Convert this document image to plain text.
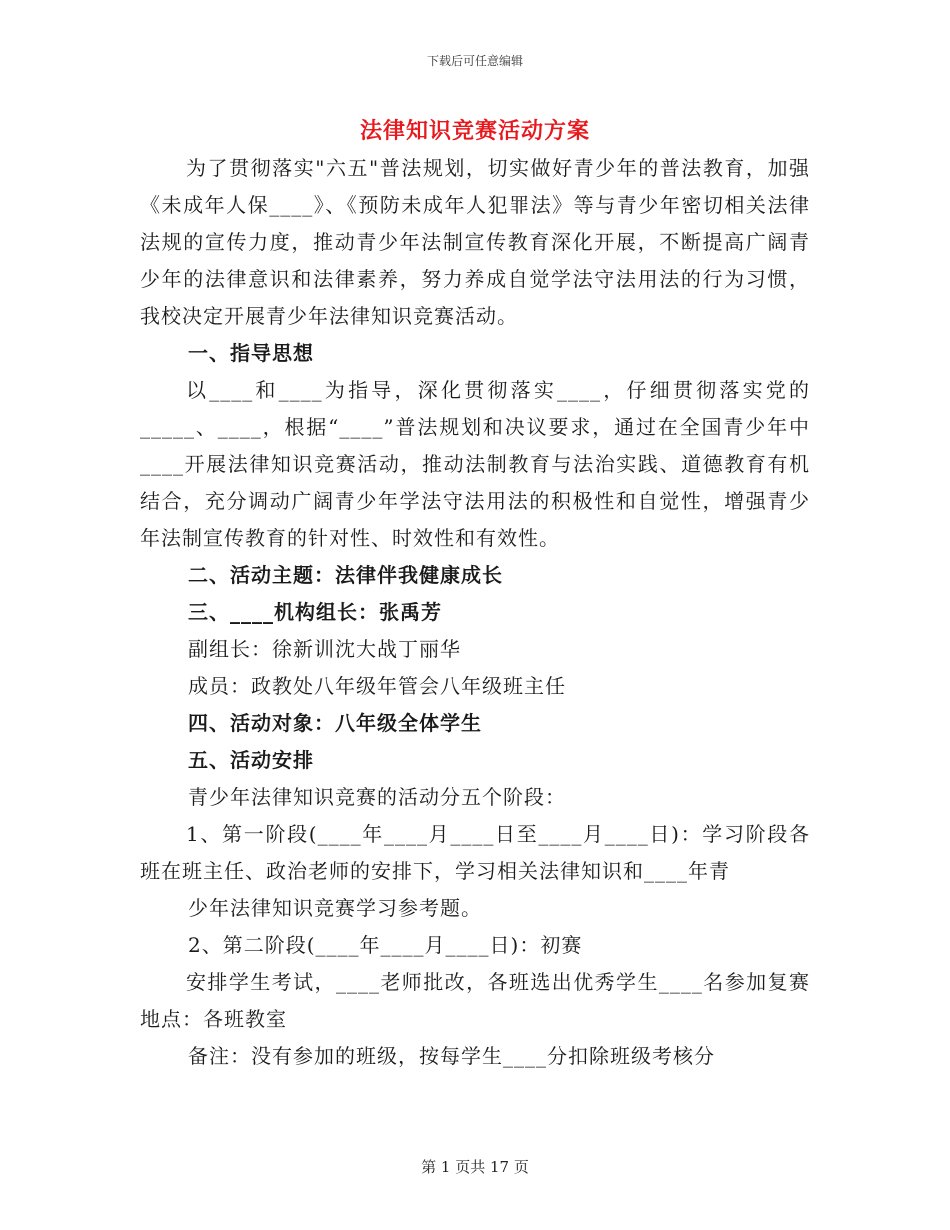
下载后可任意编辑
法律知识竞赛活动方案

为了贯彻落实"六五"普法规划，切实做好青少年的普法教育，加强《未成年人保____》、《预防未成年人犯罪法》等与青少年密切相关法律法规的宣传力度，推动青少年法制宣传教育深化开展，不断提高广阔青少年的法律意识和法律素养，努力养成自觉学法守法用法的行为习惯，我校决定开展青少年法律知识竞赛活动。

一、指导思想

以____和____为指导，深化贯彻落实____，仔细贯彻落实党的_____、____，根据“____”普法规划和决议要求，通过在全国青少年中____开展法律知识竞赛活动，推动法制教育与法治实践、道德教育有机结合，充分调动广阔青少年学法守法用法的积极性和自觉性，增强青少年法制宣传教育的针对性、时效性和有效性。

二、活动主题：法律伴我健康成长

三、____机构组长：张禹芳

副组长：徐新训沈大战丁丽华

成员：政教处八年级年管会八年级班主任

四、活动对象：八年级全体学生

五、活动安排

青少年法律知识竞赛的活动分五个阶段：

1、第一阶段(____年____月____日至____月____日)：学习阶段各班在班主任、政治老师的安排下，学习相关法律知识和____年青

少年法律知识竞赛学习参考题。

2、第二阶段(____年____月____日)：初赛

安排学生考试，____老师批改，各班选出优秀学生____名参加复赛地点：各班教室

备注：没有参加的班级，按每学生____分扣除班级考核分

第 1 页共 17 页
